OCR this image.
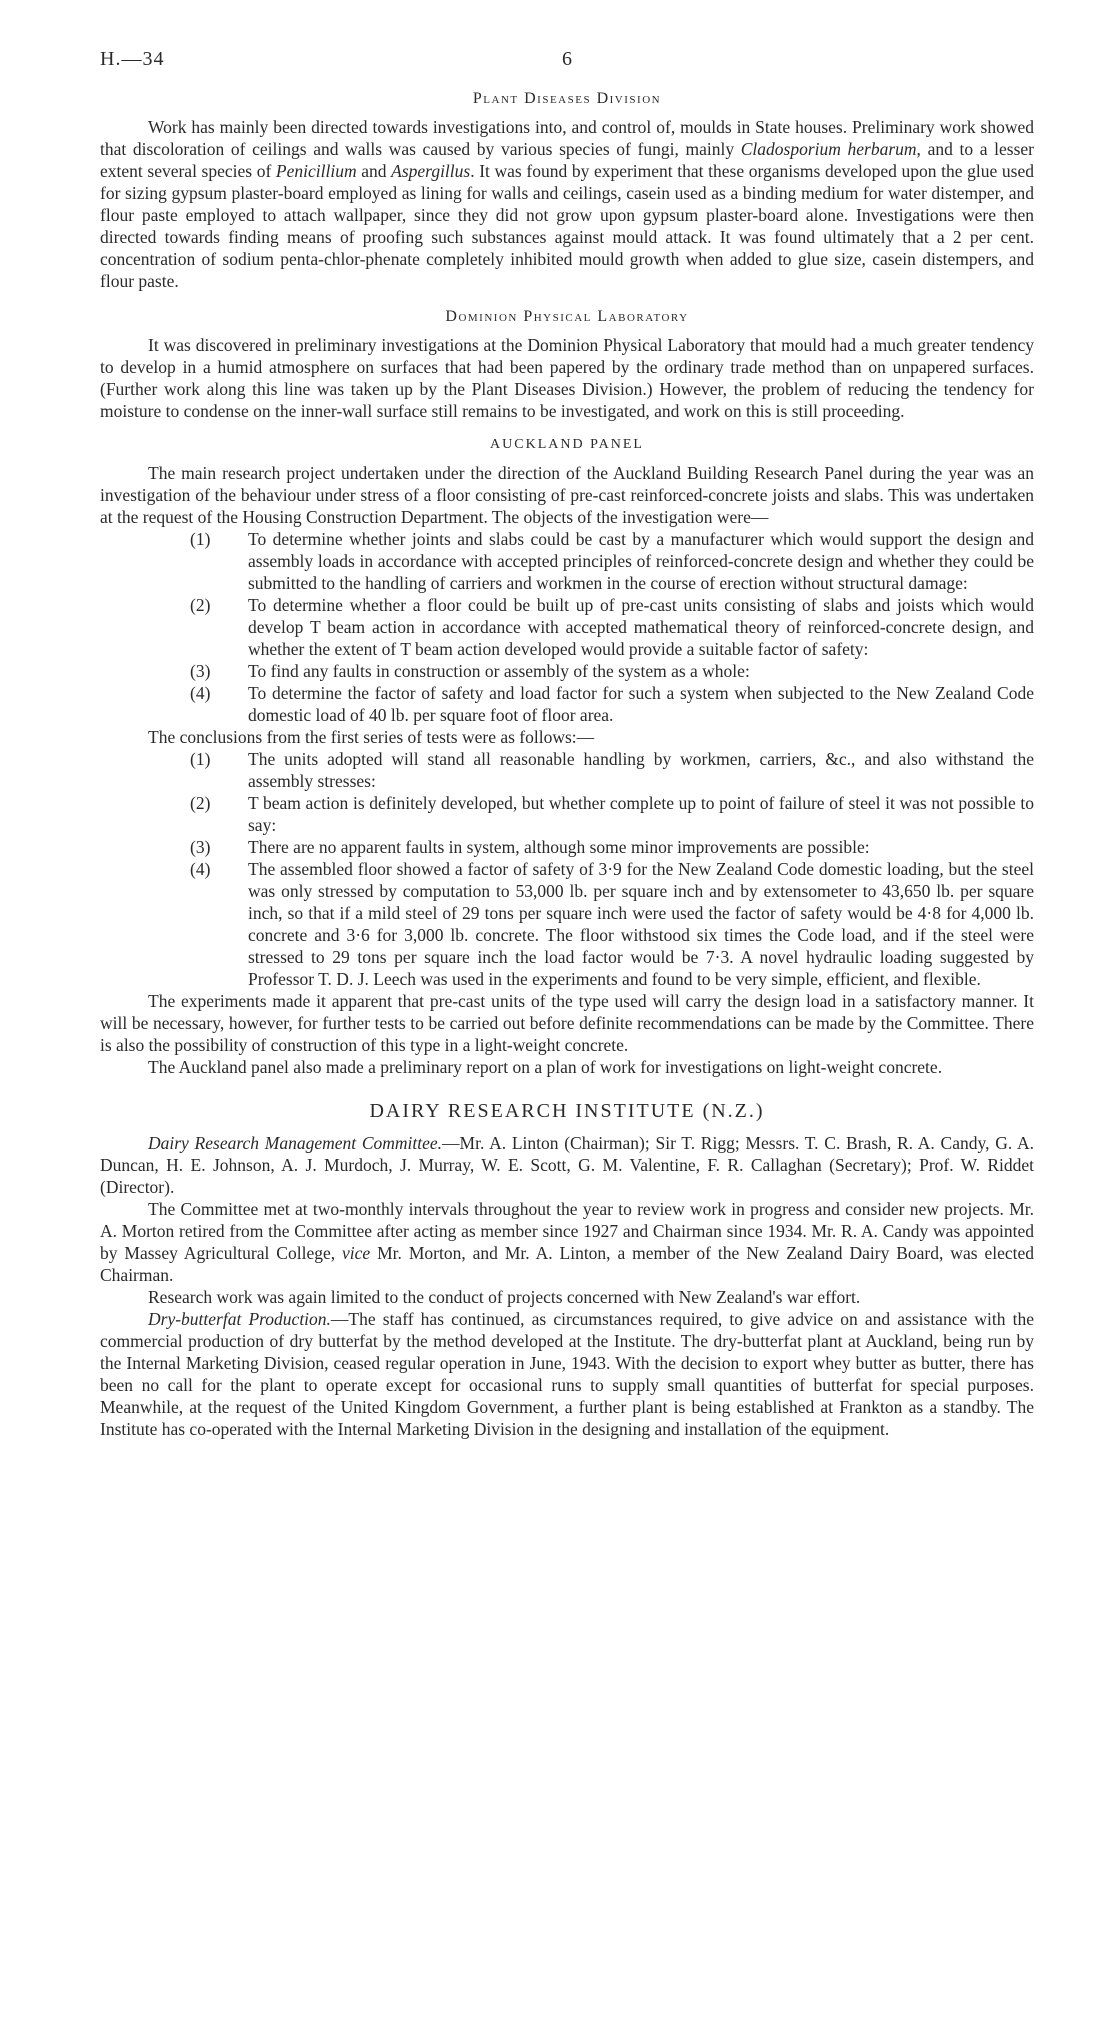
H.—34	6
Plant Diseases Division

Work has mainly been directed towards investigations into, and control of, moulds in State houses. Preliminary work showed that discoloration of ceilings and walls was caused by various species of fungi, mainly Cladosporium herbarum, and to a lesser extent several species of Penicillium and Aspergillus. It was found by experiment that these organisms developed upon the glue used for sizing gypsum plaster-board employed as lining for walls and ceilings, casein used as a binding medium for water distemper, and flour paste employed to attach wallpaper, since they did not grow upon gypsum plaster-board alone. Investigations were then directed towards finding means of proofing such substances against mould attack. It was found ultimately that a 2 per cent. concentration of sodium penta-chlor-phenate completely inhibited mould growth when added to glue size, casein distempers, and flour paste.

Dominion Physical Laboratory

It was discovered in preliminary investigations at the Dominion Physical Laboratory that mould had a much greater tendency to develop in a humid atmosphere on surfaces that had been papered by the ordinary trade method than on unpapered surfaces. (Further work along this line was taken up by the Plant Diseases Division.) However, the problem of reducing the tendency for moisture to condense on the inner-wall surface still remains to be investigated, and work on this is still proceeding.

AUCKLAND PANEL

The main research project undertaken under the direction of the Auckland Building Research Panel during the year was an investigation of the behaviour under stress of a floor consisting of pre-cast reinforced-concrete joists and slabs. This was undertaken at the request of the Housing Construction Department. The objects of the investigation were—

(1)	To determine whether joints and slabs could be cast by a manufacturer which would support the design and assembly loads in accordance with accepted principles of reinforced-concrete design and whether they could be submitted to the handling of carriers and workmen in the course of erection without structural damage:
(2)	To determine whether a floor could be built up of pre-cast units consisting of slabs and joists which would develop T beam action in accordance with accepted mathematical theory of reinforced-concrete design, and whether the extent of T beam action developed would provide a suitable factor of safety:
(3)	To find any faults in construction or assembly of the system as a whole:
(4)	To determine the factor of safety and load factor for such a system when subjected to the New Zealand Code domestic load of 40 lb. per square foot of floor area.

The conclusions from the first series of tests were as follows:—

(1)	The units adopted will stand all reasonable handling by workmen, carriers, &c., and also withstand the assembly stresses:
(2)	T beam action is definitely developed, but whether complete up to point of failure of steel it was not possible to say:
(3)	There are no apparent faults in system, although some minor improvements are possible:
(4)	The assembled floor showed a factor of safety of 3·9 for the New Zealand Code domestic loading, but the steel was only stressed by computation to 53,000 lb. per square inch and by extensometer to 43,650 lb. per square inch, so that if a mild steel of 29 tons per square inch were used the factor of safety would be 4·8 for 4,000 lb. concrete and 3·6 for 3,000 lb. concrete. The floor withstood six times the Code load, and if the steel were stressed to 29 tons per square inch the load factor would be 7·3. A novel hydraulic loading suggested by Professor T. D. J. Leech was used in the experiments and found to be very simple, efficient, and flexible.

The experiments made it apparent that pre-cast units of the type used will carry the design load in a satisfactory manner. It will be necessary, however, for further tests to be carried out before definite recommendations can be made by the Committee. There is also the possibility of construction of this type in a light-weight concrete.

The Auckland panel also made a preliminary report on a plan of work for investigations on light-weight concrete.

DAIRY RESEARCH INSTITUTE (N.Z.)

Dairy Research Management Committee.—Mr. A. Linton (Chairman); Sir T. Rigg; Messrs. T. C. Brash, R. A. Candy, G. A. Duncan, H. E. Johnson, A. J. Murdoch, J. Murray, W. E. Scott, G. M. Valentine, F. R. Callaghan (Secretary); Prof. W. Riddet (Director).

The Committee met at two-monthly intervals throughout the year to review work in progress and consider new projects. Mr. A. Morton retired from the Committee after acting as member since 1927 and Chairman since 1934. Mr. R. A. Candy was appointed by Massey Agricultural College, vice Mr. Morton, and Mr. A. Linton, a member of the New Zealand Dairy Board, was elected Chairman.

Research work was again limited to the conduct of projects concerned with New Zealand's war effort.

Dry-butterfat Production.—The staff has continued, as circumstances required, to give advice on and assistance with the commercial production of dry butterfat by the method developed at the Institute. The dry-butterfat plant at Auckland, being run by the Internal Marketing Division, ceased regular operation in June, 1943. With the decision to export whey butter as butter, there has been no call for the plant to operate except for occasional runs to supply small quantities of butterfat for special purposes. Meanwhile, at the request of the United Kingdom Government, a further plant is being established at Frankton as a standby. The Institute has co-operated with the Internal Marketing Division in the designing and installation of the equipment.
